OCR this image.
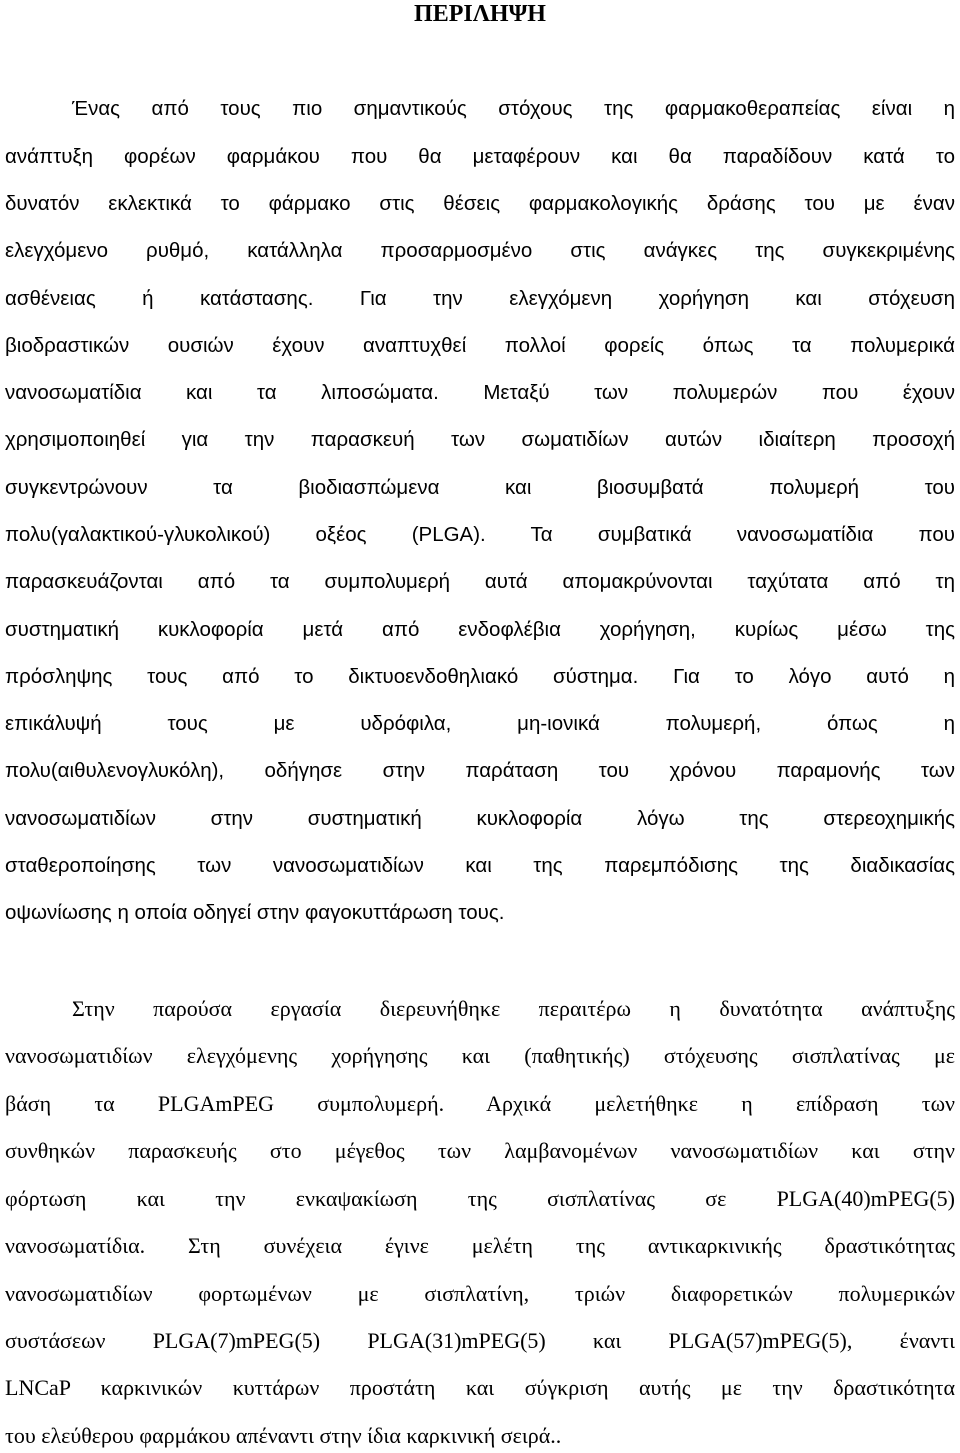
ΠΕΡΙΛΗΨΗ
Ένας από τους πιο σημαντικούς στόχους της φαρμακοθεραπείας είναι η
ανάπτυξη φορέων φαρμάκου που θα μεταφέρουν και θα παραδίδουν κατά το
δυνατόν εκλεκτικά το φάρμακο στις θέσεις φαρμακολογικής δράσης του με έναν
ελεγχόμενο ρυθμό, κατάλληλα προσαρμοσμένο στις ανάγκες της συγκεκριμένης
ασθένειας ή κατάστασης. Για την ελεγχόμενη χορήγηση και στόχευση
βιοδραστικών ουσιών έχουν αναπτυχθεί πολλοί φορείς όπως τα πολυμερικά
νανοσωματίδια και τα λιποσώματα. Μεταξύ των πολυμερών που έχουν
χρησιμοποιηθεί για την παρασκευή των σωματιδίων αυτών ιδιαίτερη προσοχή
συγκεντρώνουν τα βιοδιασπώμενα και βιοσυμβατά πολυμερή του
πολυ(γαλακτικού-γλυκολικού) οξέος (PLGA). Τα συμβατικά νανοσωματίδια που
παρασκευάζονται από τα συμπολυμερή αυτά απομακρύνονται ταχύτατα από τη
συστηματική κυκλοφορία μετά από ενδοφλέβια χορήγηση, κυρίως μέσω της
πρόσληψης τους από το δικτυοενδοθηλιακό σύστημα. Για το λόγο αυτό η
επικάλυψή τους με υδρόφιλα, μη-ιονικά πολυμερή, όπως η
πολυ(αιθυλενογλυκόλη), οδήγησε στην παράταση του χρόνου παραμονής των
νανοσωματιδίων στην συστηματική κυκλοφορία λόγω της στερεοχημικής
σταθεροποίησης των νανοσωματιδίων και της παρεμπόδισης της διαδικασίας
οψωνίωσης η οποία οδηγεί στην φαγοκυττάρωση τους.
Στην παρούσα εργασία διερευνήθηκε περαιτέρω η δυνατότητα ανάπτυξης
νανοσωματιδίων ελεγχόμενης χορήγησης και (παθητικής) στόχευσης σισπλατίνας με
βάση τα PLGAmPEG συμπολυμερή. Αρχικά μελετήθηκε η επίδραση των
συνθηκών παρασκευής στο μέγεθος των λαμβανομένων νανοσωματιδίων και στην
φόρτωση και την ενκαψακίωση της σισπλατίνας σε PLGA(40)mPEG(5)
νανοσωματίδια. Στη συνέχεια έγινε μελέτη της αντικαρκινικής δραστικότητας
νανοσωματιδίων φορτωμένων με σισπλατίνη, τριών διαφορετικών πολυμερικών
συστάσεων PLGA(7)mPEG(5) PLGA(31)mPEG(5) και PLGA(57)mPEG(5), έναντι
LNCaP καρκινικών κυττάρων προστάτη και σύγκριση αυτής με την δραστικότητα
του ελεύθερου φαρμάκου απέναντι στην ίδια καρκινική σειρά..
